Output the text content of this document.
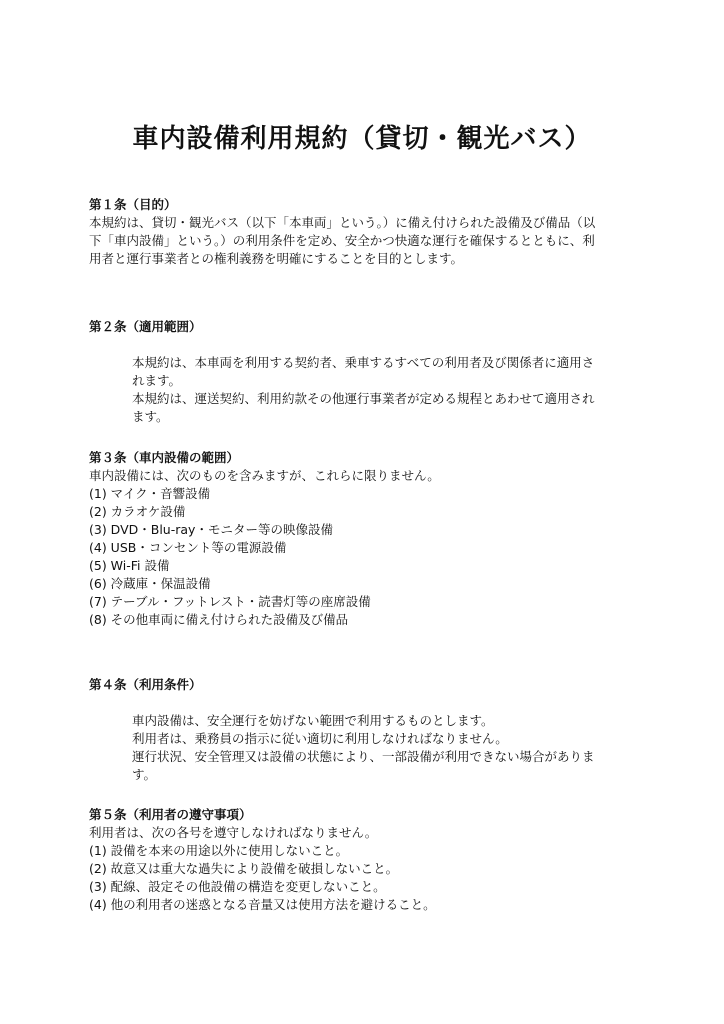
車内設備利用規約（貸切・観光バス）

第１条（目的）

本規約は、貸切・観光バス（以下「本車両」という。）に備え付けられた設備及び備品（以

下「車内設備」という。）の利用条件を定め、安全かつ快適な運行を確保するとともに、利

用者と運行事業者との権利義務を明確にすることを目的とします。

第２条（適用範囲）

本規約は、本車両を利用する契約者、乗車するすべての利用者及び関係者に適用さ

れます。

本規約は、運送契約、利用約款その他運行事業者が定める規程とあわせて適用され

ます。

第３条（車内設備の範囲）

車内設備には、次のものを含みますが、これらに限りません。

(1) マイク・音響設備

(2) カラオケ設備

(3) DVD・Blu-ray・モニター等の映像設備

(4) USB・コンセント等の電源設備

(5) Wi-Fi 設備

(6) 冷蔵庫・保温設備

(7) テーブル・フットレスト・読書灯等の座席設備

(8) その他車両に備え付けられた設備及び備品

第４条（利用条件）

車内設備は、安全運行を妨げない範囲で利用するものとします。

利用者は、乗務員の指示に従い適切に利用しなければなりません。

運行状況、安全管理又は設備の状態により、一部設備が利用できない場合がありま

す。

第５条（利用者の遵守事項）

利用者は、次の各号を遵守しなければなりません。

(1) 設備を本来の用途以外に使用しないこと。

(2) 故意又は重大な過失により設備を破損しないこと。

(3) 配線、設定その他設備の構造を変更しないこと。

(4) 他の利用者の迷惑となる音量又は使用方法を避けること。
